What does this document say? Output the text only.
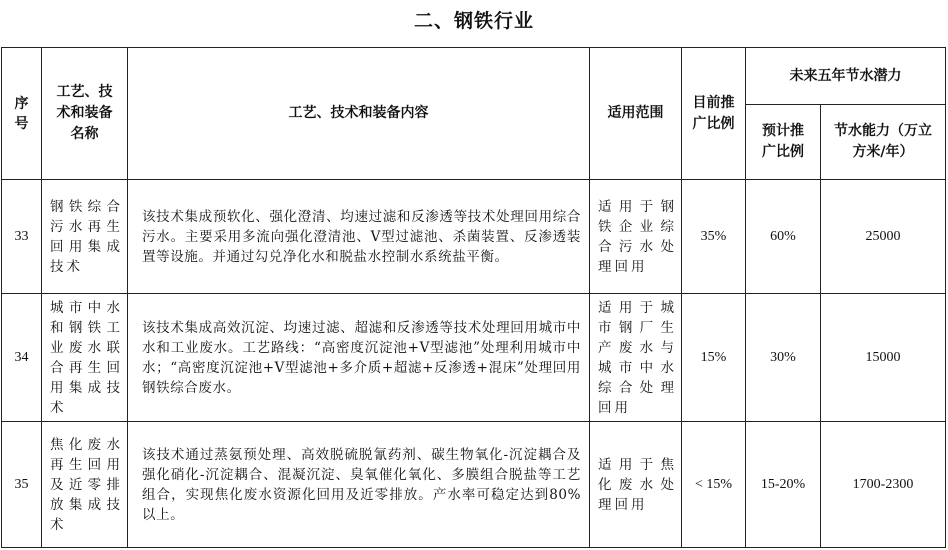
二、钢铁行业
序号	工艺、技术和装备名称	工艺、技术和装备内容	适用范围	目前推广比例	未来五年节水潜力	

					预计推广比例	节水能力（万立方米/年）

33	钢铁综合污水再生回用集成技术	该技术集成预软化、强化澄清、均速过滤和反渗透等技术处理回用综合污水。主要采用多流向强化澄清池、V型过滤池、杀菌装置、反渗透装置等设施。并通过勾兑净化水和脱盐水控制水系统盐平衡。	适用于钢铁企业综合污水处理回用	35%	60%	25000
34	城市中水和钢铁工业废水联合再生回用集成技术	该技术集成高效沉淀、均速过滤、超滤和反渗透等技术处理回用城市中水和工业废水。工艺路线：“高密度沉淀池+V型滤池”处理利用城市中水；“高密度沉淀池+V型滤池+多介质+超滤+反渗透+混床”处理回用钢铁综合废水。	适用于城市钢厂生产废水与城市中水综合处理回用	15%	30%	15000
35	焦化废水再生回用及近零排放集成技术	该技术通过蒸氨预处理、高效脱硫脱氰药剂、碳生物氧化-沉淀耦合及强化硝化-沉淀耦合、混凝沉淀、臭氧催化氧化、多膜组合脱盐等工艺组合，实现焦化废水资源化回用及近零排放。产水率可稳定达到80%以上。	适用于焦化废水处理回用	< 15%	15-20%	1700-2300
